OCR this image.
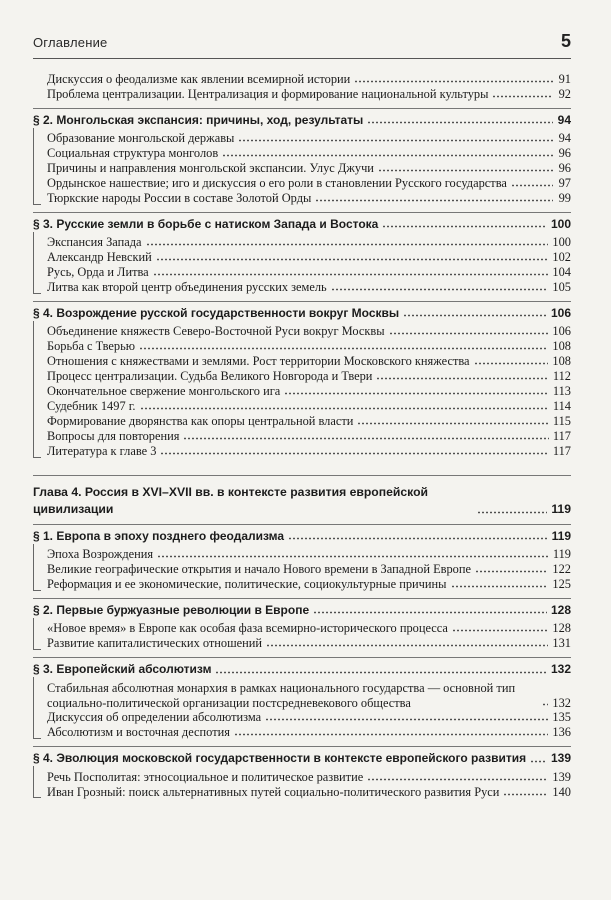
Оглавление	5
Дискуссия о феодализме как явлении всемирной истории	91
Проблема централизации. Централизация и формирование национальной культуры	92
§ 2. Монгольская экспансия: причины, ход, результаты	94
Образование монгольской державы	94
Социальная структура монголов	96
Причины и направления монгольской экспансии. Улус Джучи	96
Ордынское нашествие; иго и дискуссия о его роли в становлении Русского государства	97
Тюркские народы России в составе Золотой Орды	99
§ 3. Русские земли в борьбе с натиском Запада и Востока	100
Экспансия Запада	100
Александр Невский	102
Русь, Орда и Литва	104
Литва как второй центр объединения русских земель	105
§ 4. Возрождение русской государственности вокруг Москвы	106
Объединение княжеств Северо-Восточной Руси вокруг Москвы	106
Борьба с Тверью	108
Отношения с княжествами и землями. Рост территории Московского княжества	108
Процесс централизации. Судьба Великого Новгорода и Твери	112
Окончательное свержение монгольского ига	113
Судебник 1497 г.	114
Формирование дворянства как опоры центральной власти	115
Вопросы для повторения	117
Литература к главе 3	117
Глава 4. Россия в XVI–XVII вв. в контексте развития европейской цивилизации	119
§ 1. Европа в эпоху позднего феодализма	119
Эпоха Возрождения	119
Великие географические открытия и начало Нового времени в Западной Европе	122
Реформация и ее экономические, политические, социокультурные причины	125
§ 2. Первые буржуазные революции в Европе	128
«Новое время» в Европе как особая фаза всемирно-исторического процесса	128
Развитие капиталистических отношений	131
§ 3. Европейский абсолютизм	132
Стабильная абсолютная монархия в рамках национального государства — основной тип социально-политической организации постсредневекового общества	132
Дискуссия об определении абсолютизма	135
Абсолютизм и восточная деспотия	136
§ 4. Эволюция московской государственности в контексте европейского развития 139
Речь Посполитая: этносоциальное и политическое развитие	139
Иван Грозный: поиск альтернативных путей социально-политического развития Руси	140
